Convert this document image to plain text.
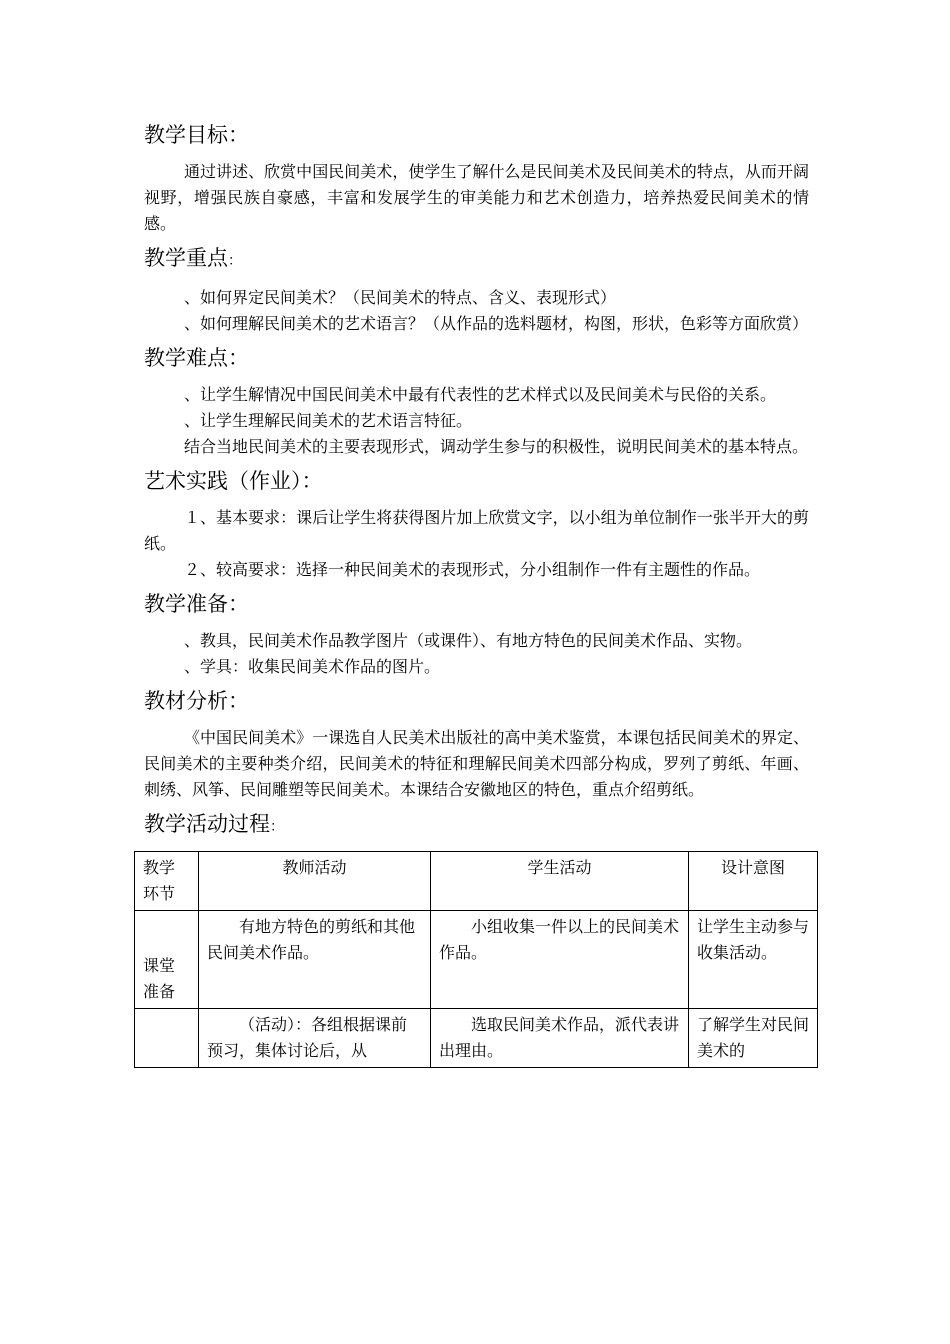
教学目标：

通过讲述、欣赏中国民间美术，使学生了解什么是民间美术及民间美术的特点，从而开阔视野，增强民族自豪感，丰富和发展学生的审美能力和艺术创造力，培养热爱民间美术的情感。

教学重点：

、如何界定民间美术？（民间美术的特点、含义、表现形式）

、如何理解民间美术的艺术语言？（从作品的选料题材，构图，形状，色彩等方面欣赏）

教学难点：

、让学生解情况中国民间美术中最有代表性的艺术样式以及民间美术与民俗的关系。

、让学生理解民间美术的艺术语言特征。

结合当地民间美术的主要表现形式，调动学生参与的积极性，说明民间美术的基本特点。

艺术实践（作业）：

１、基本要求：课后让学生将获得图片加上欣赏文字，以小组为单位制作一张半开大的剪纸。

２、较高要求：选择一种民间美术的表现形式，分小组制作一件有主题性的作品。

教学准备：

、教具，民间美术作品教学图片（或课件）、有地方特色的民间美术作品、实物。

、学具：收集民间美术作品的图片。

教材分析：

《中国民间美术》一课选自人民美术出版社的高中美术鉴赏，本课包括民间美术的界定、民间美术的主要种类介绍，民间美术的特征和理解民间美术四部分构成，罗列了剪纸、年画、刺绣、风筝、民间雕塑等民间美术。本课结合安徽地区的特色，重点介绍剪纸。

教学活动过程：
教学环节	教师活动	学生活动	设计意图
课堂准备	有地方特色的剪纸和其他民间美术作品。	小组收集一件以上的民间美术作品。	让学生主动参与收集活动。

	（活动）：各组根据课前预习，集体讨论后，从	选取民间美术作品，派代表讲出理由。	了解学生对民间美术的
